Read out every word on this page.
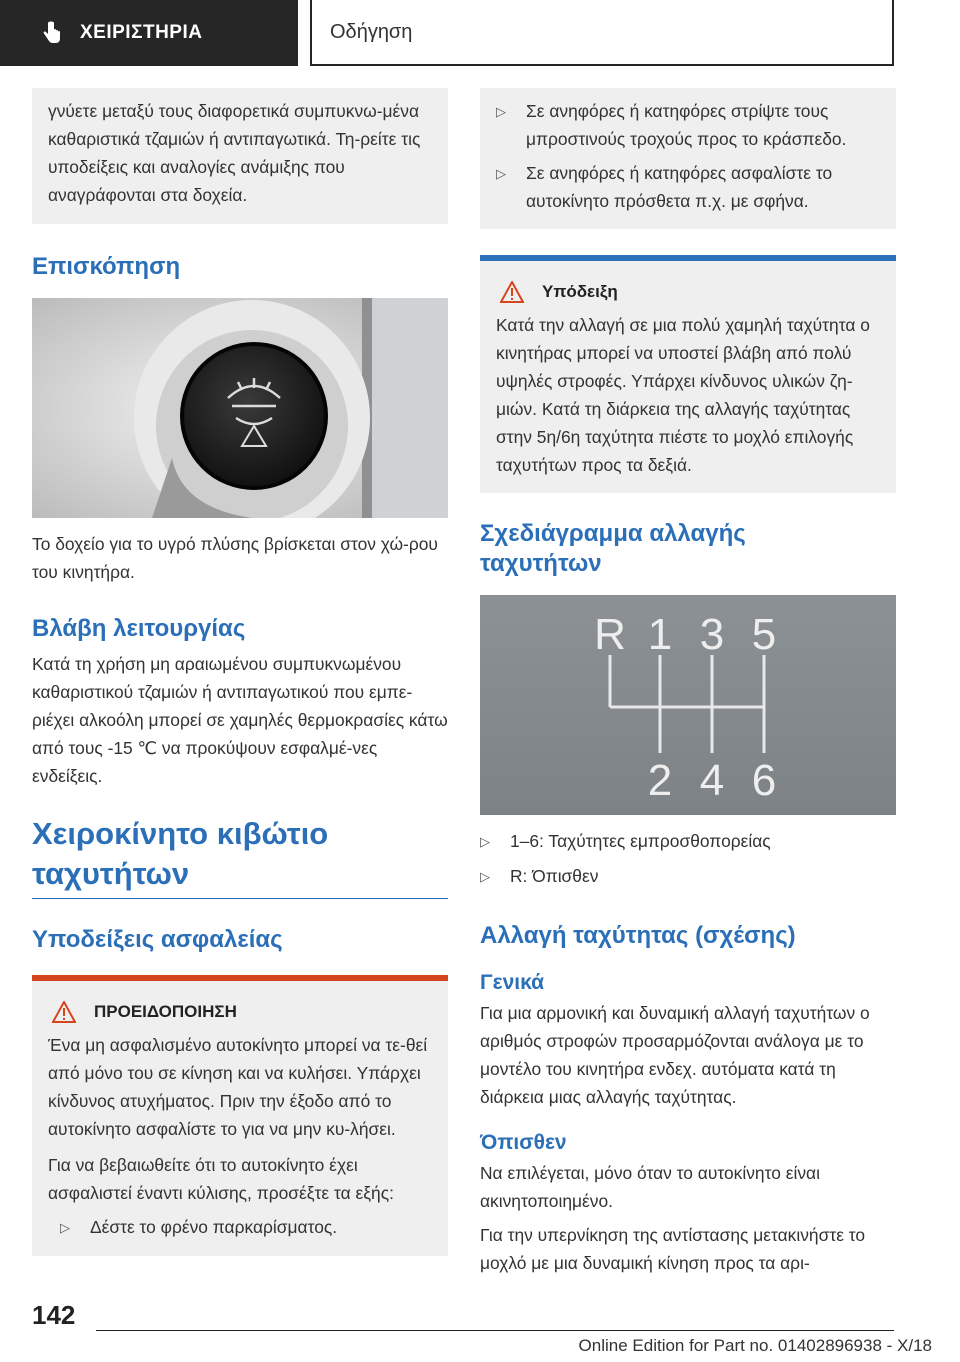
ΧΕΙΡΙΣΤΗΡΙΑ	Οδήγηση

γνύετε μεταξύ τους διαφορετικά συμπυκνω-μένα καθαριστικά τζαμιών ή αντιπαγωτικά. Τη-ρείτε τις υποδείξεις και αναλογίες ανάμιξης που αναγράφονται στα δοχεία.

Επισκόπηση

Το δοχείο για το υγρό πλύσης βρίσκεται στον χώ-ρου του κινητήρα.

Βλάβη λειτουργίας

Κατά τη χρήση μη αραιωμένου συμπυκνωμένου καθαριστικού τζαμιών ή αντιπαγωτικού που εμπε-ριέχει αλκοόλη μπορεί σε χαμηλές θερμοκρασίες κάτω από τους -15 ℃ να προκύψουν εσφαλμέ-νες ενδείξεις.

Χειροκίνητο κιβώτιο ταχυτήτων
Υποδείξεις ασφαλείας
ΠΡΟΕΙΔΟΠΟΙΗΣΗ

Ένα μη ασφαλισμένο αυτοκίνητο μπορεί να τε-θεί από μόνο του σε κίνηση και να κυλήσει. Υπάρχει κίνδυνος ατυχήματος. Πριν την έξοδο από το αυτοκίνητο ασφαλίστε το για να μην κυ-λήσει.

Για να βεβαιωθείτε ότι το αυτοκίνητο έχει ασφαλιστεί έναντι κύλισης, προσέξτε τα εξής:

▷	Δέστε το φρένο παρκαρίσματος.
▷	Σε ανηφόρες ή κατηφόρες στρίψτε τους μπροστινούς τροχούς προς το κράσπεδο.
▷	Σε ανηφόρες ή κατηφόρες ασφαλίστε το αυτοκίνητο πρόσθετα π.χ. με σφήνα.
Υπόδειξη

Κατά την αλλαγή σε μια πολύ χαμηλή ταχύτητα ο κινητήρας μπορεί να υποστεί βλάβη από πολύ υψηλές στροφές. Υπάρχει κίνδυνος υλικών ζη-μιών. Κατά τη διάρκεια της αλλαγής ταχύτητας στην 5η/6η ταχύτητα πιέστε το μοχλό επιλογής ταχυτήτων προς τα δεξιά.

Σχεδιάγραμμα αλλαγής ταχυτήτων
R 1 3 5
2 4 6
▷	1–6: Ταχύτητες εμπροσθοπορείας
▷	R: Όπισθεν
Αλλαγή ταχύτητας (σχέσης)
Γενικά

Για μια αρμονική και δυναμική αλλαγή ταχυτήτων ο αριθμός στροφών προσαρμόζονται ανάλογα με το μοντέλο του κινητήρα ενδεχ. αυτόματα κατά τη διάρκεια μιας αλλαγής ταχύτητας.

Όπισθεν

Να επιλέγεται, μόνο όταν το αυτοκίνητο είναι ακινητοποιημένο.

Για την υπερνίκηση της αντίστασης μετακινήστε το μοχλό με μια δυναμική κίνηση προς τα αρι-

142
Online Edition for Part no. 01402896938 - X/18
